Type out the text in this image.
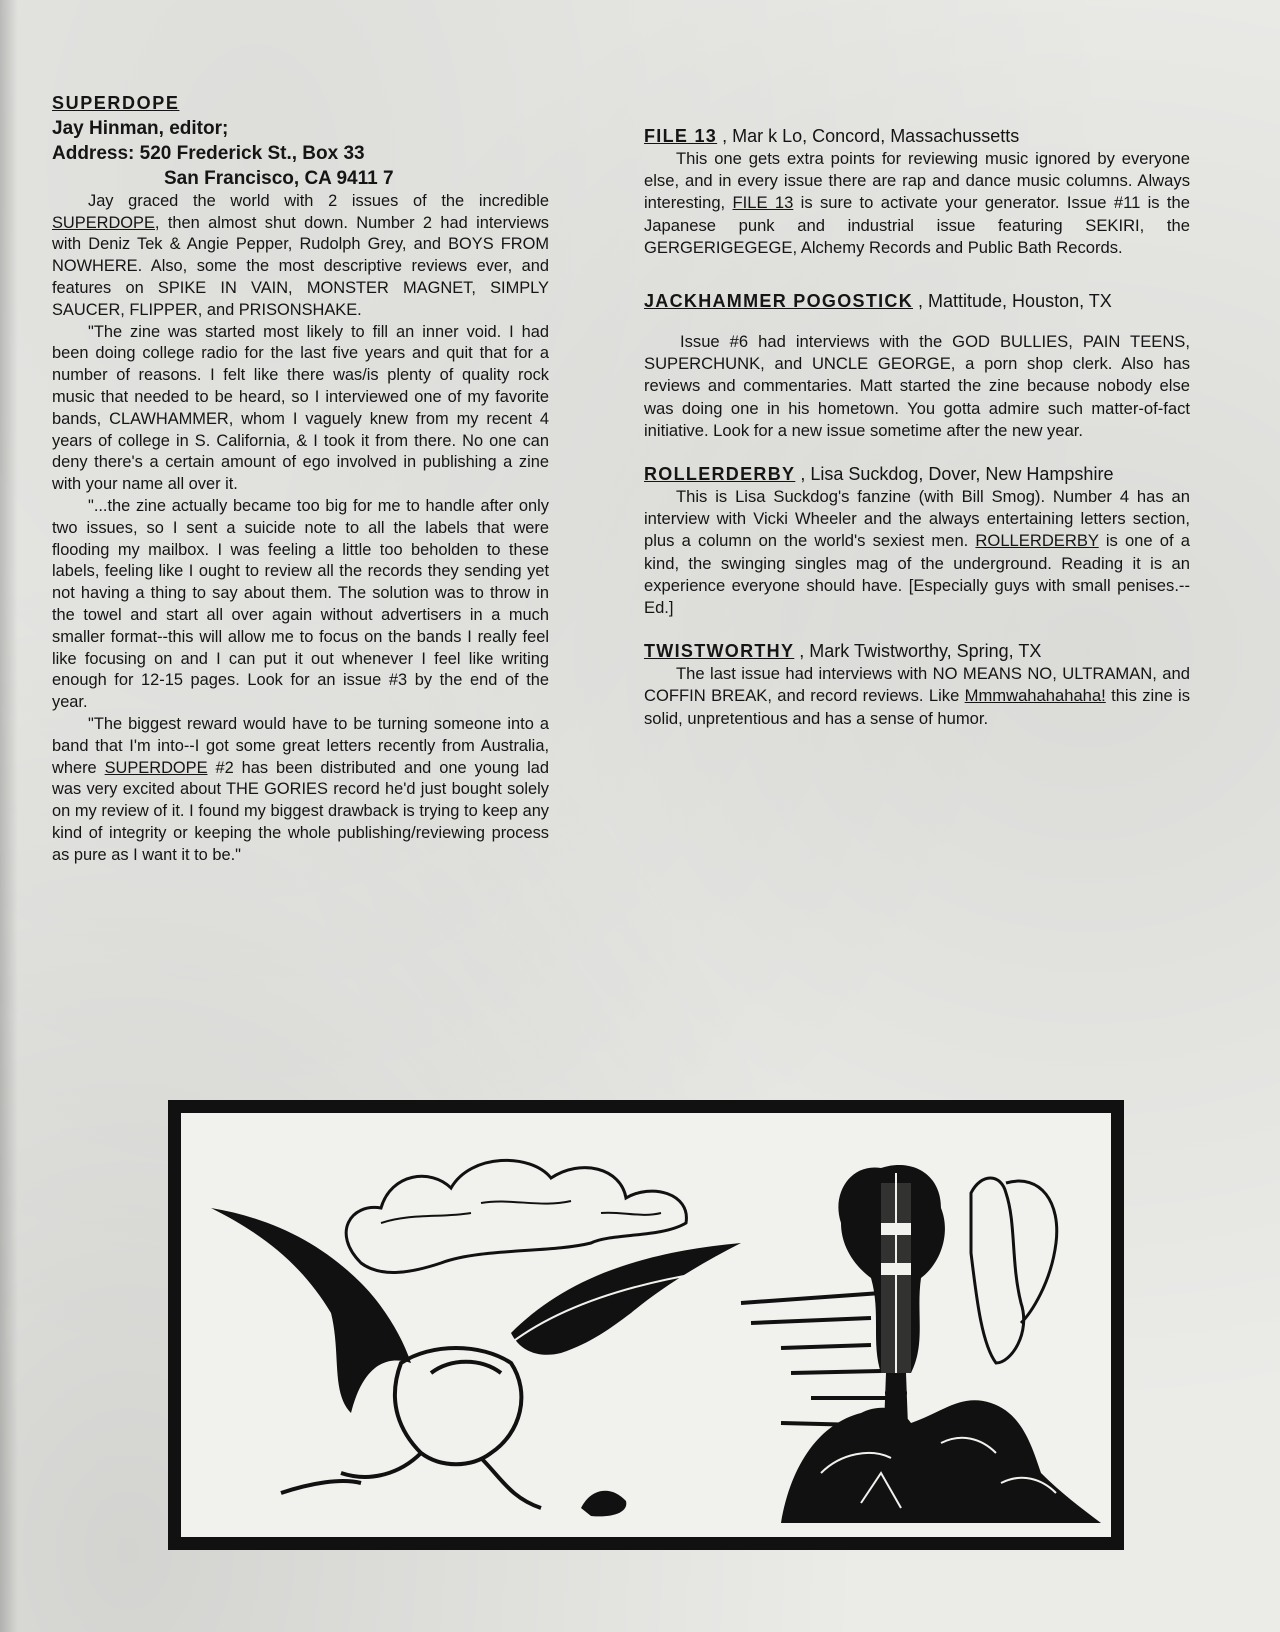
SUPERDOPE
Jay Hinman, editor;
Address: 520 Frederick St., Box 33
San Francisco, CA 9411 7

Jay graced the world with 2 issues of the incredible SUPERDOPE, then almost shut down. Number 2 had interviews with Deniz Tek & Angie Pepper, Rudolph Grey, and BOYS FROM NOWHERE. Also, some the most descriptive reviews ever, and features on SPIKE IN VAIN, MONSTER MAGNET, SIMPLY SAUCER, FLIPPER, and PRISONSHAKE.

"The zine was started most likely to fill an inner void. I had been doing college radio for the last five years and quit that for a number of reasons. I felt like there was/is plenty of quality rock music that needed to be heard, so I interviewed one of my favorite bands, CLAWHAMMER, whom I vaguely knew from my recent 4 years of college in S. California, & I took it from there. No one can deny there's a certain amount of ego involved in publishing a zine with your name all over it.

"...the zine actually became too big for me to handle after only two issues, so I sent a suicide note to all the labels that were flooding my mailbox. I was feeling a little too beholden to these labels, feeling like I ought to review all the records they sending yet not having a thing to say about them. The solution was to throw in the towel and start all over again without advertisers in a much smaller format--this will allow me to focus on the bands I really feel like focusing on and I can put it out whenever I feel like writing enough for 12-15 pages. Look for an issue #3 by the end of the year.

"The biggest reward would have to be turning someone into a band that I'm into--I got some great letters recently from Australia, where SUPERDOPE #2 has been distributed and one young lad was very excited about THE GORIES record he'd just bought solely on my review of it. I found my biggest drawback is trying to keep any kind of integrity or keeping the whole publishing/reviewing process as pure as I want it to be."

FILE 13 , Mar k Lo, Concord, Massachussetts

This one gets extra points for reviewing music ignored by everyone else, and in every issue there are rap and dance music columns. Always interesting, FILE 13 is sure to activate your generator. Issue #11 is the Japanese punk and industrial issue featuring SEKIRI, the GERGERIGEGEGE, Alchemy Records and Public Bath Records.

JACKHAMMER POGOSTICK , Mattitude, Houston, TX

Issue #6 had interviews with the GOD BULLIES, PAIN TEENS, SUPERCHUNK, and UNCLE GEORGE, a porn shop clerk. Also has reviews and commentaries. Matt started the zine because nobody else was doing one in his hometown. You gotta admire such matter-of-fact initiative. Look for a new issue sometime after the new year.

ROLLERDERBY , Lisa Suckdog, Dover, New Hampshire

This is Lisa Suckdog's fanzine (with Bill Smog). Number 4 has an interview with Vicki Wheeler and the always entertaining letters section, plus a column on the world's sexiest men. ROLLERDERBY is one of a kind, the swinging singles mag of the underground. Reading it is an experience everyone should have. [Especially guys with small penises.--Ed.]

TWISTWORTHY , Mark Twistworthy, Spring, TX

The last issue had interviews with NO MEANS NO, ULTRAMAN, and COFFIN BREAK, and record reviews. Like Mmmwahahahaha! this zine is solid, unpretentious and has a sense of humor.
